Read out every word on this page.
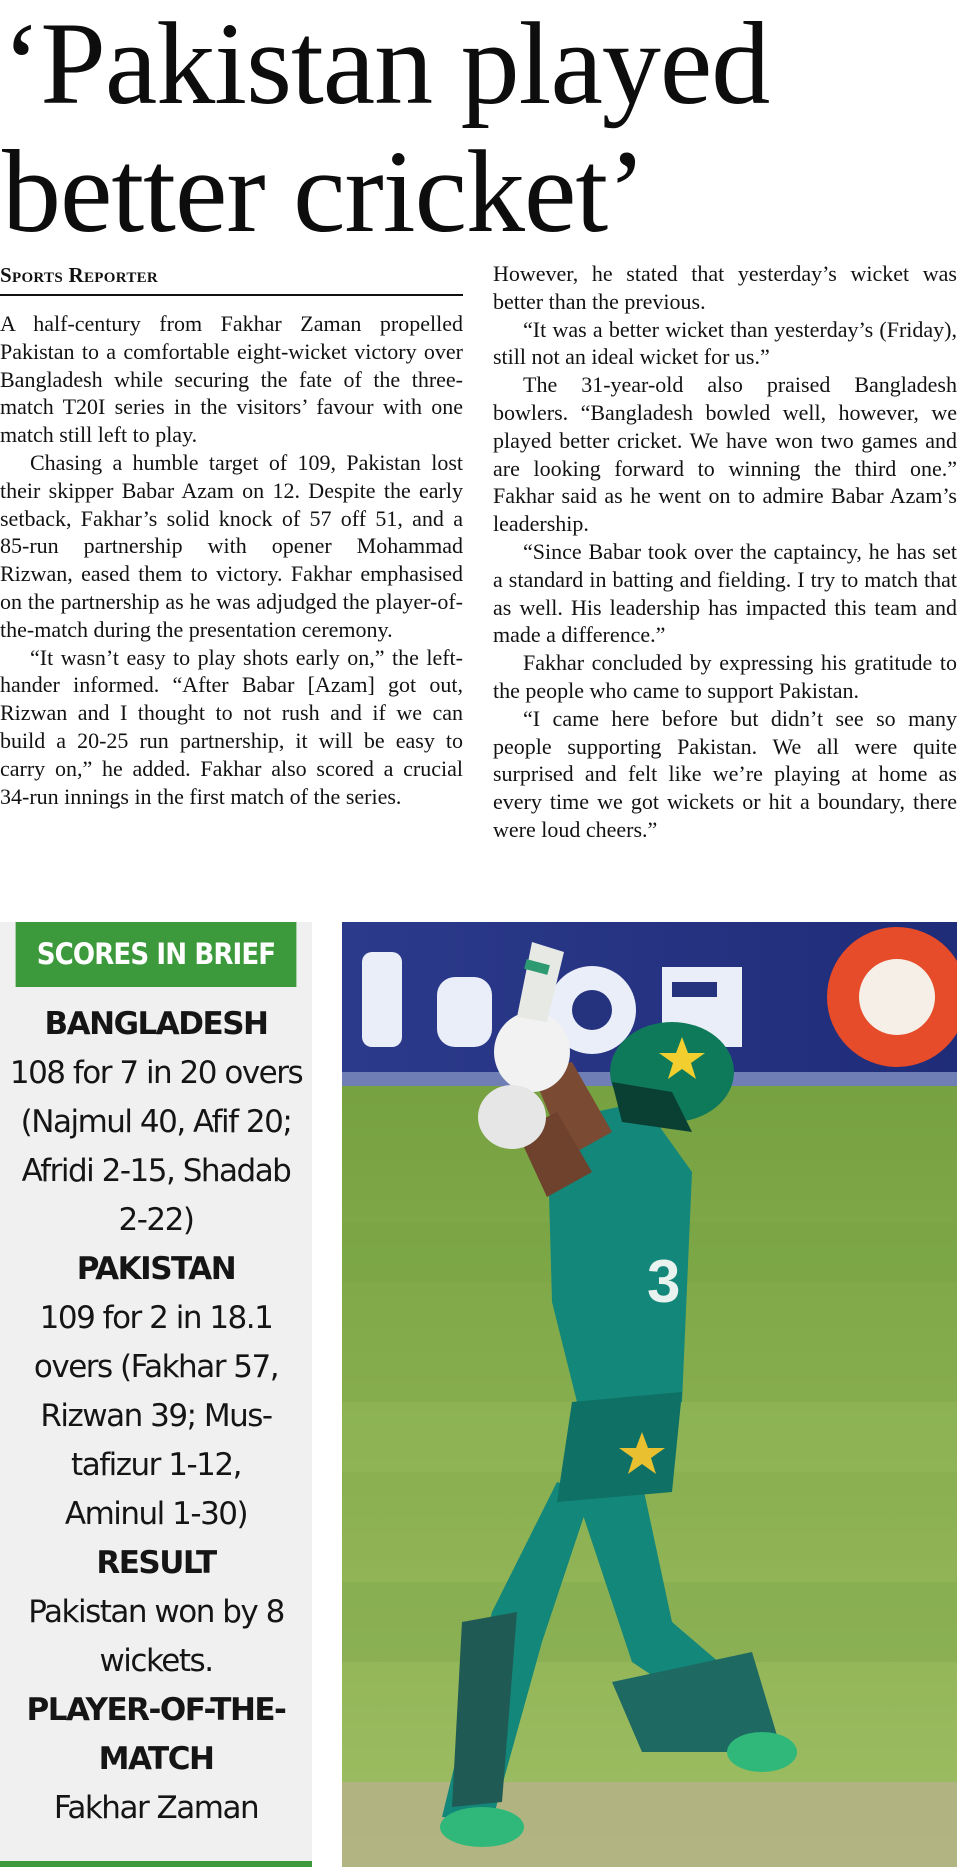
‘Pakistan played
better cricket’
Sports Reporter

A half-century from Fakhar Zaman propelled Pakistan to a comfortable eight-wicket victory over Bangladesh while securing the fate of the three-match T20I series in the visitors’ favour with one match still left to play.

Chasing a humble target of 109, Pakistan lost their skipper Babar Azam on 12. Despite the early setback, Fakhar’s solid knock of 57 off 51, and a 85-run partnership with opener Mohammad Rizwan, eased them to victory. Fakhar emphasised on the partnership as he was adjudged the player-of-the-match during the presentation ceremony.

“It wasn’t easy to play shots early on,” the left-hander informed. “After Babar [Azam] got out, Rizwan and I thought to not rush and if we can build a 20-25 run partnership, it will be easy to carry on,” he added. Fakhar also scored a crucial 34-run innings in the first match of the series.

However, he stated that yesterday’s wicket was better than the previous.

“It was a better wicket than yesterday’s (Friday), still not an ideal wicket for us.”

The 31-year-old also praised Bangladesh bowlers. “Bangladesh bowled well, however, we played better cricket. We have won two games and are looking forward to winning the third one.” Fakhar said as he went on to admire Babar Azam’s leadership.

“Since Babar took over the captaincy, he has set a standard in batting and fielding. I try to match that as well. His leadership has impacted this team and made a difference.”

Fakhar concluded by expressing his gratitude to the people who came to support Pakistan.

“I came here before but didn’t see so many people supporting Pakistan. We all were quite surprised and felt like we’re playing at home as every time we got wickets or hit a boundary, there were loud cheers.”

SCORES IN BRIEF
BANGLADESH
108 for 7 in 20 overs
(Najmul 40, Afif 20;
Afridi 2-15, Shadab
2-22)
PAKISTAN
109 for 2 in 18.1
overs (Fakhar 57,
Rizwan 39; Mus-
tafizur 1-12,
Aminul 1-30)
RESULT
Pakistan won by 8
wickets.
PLAYER-OF-THE-
MATCH
Fakhar Zaman
3
